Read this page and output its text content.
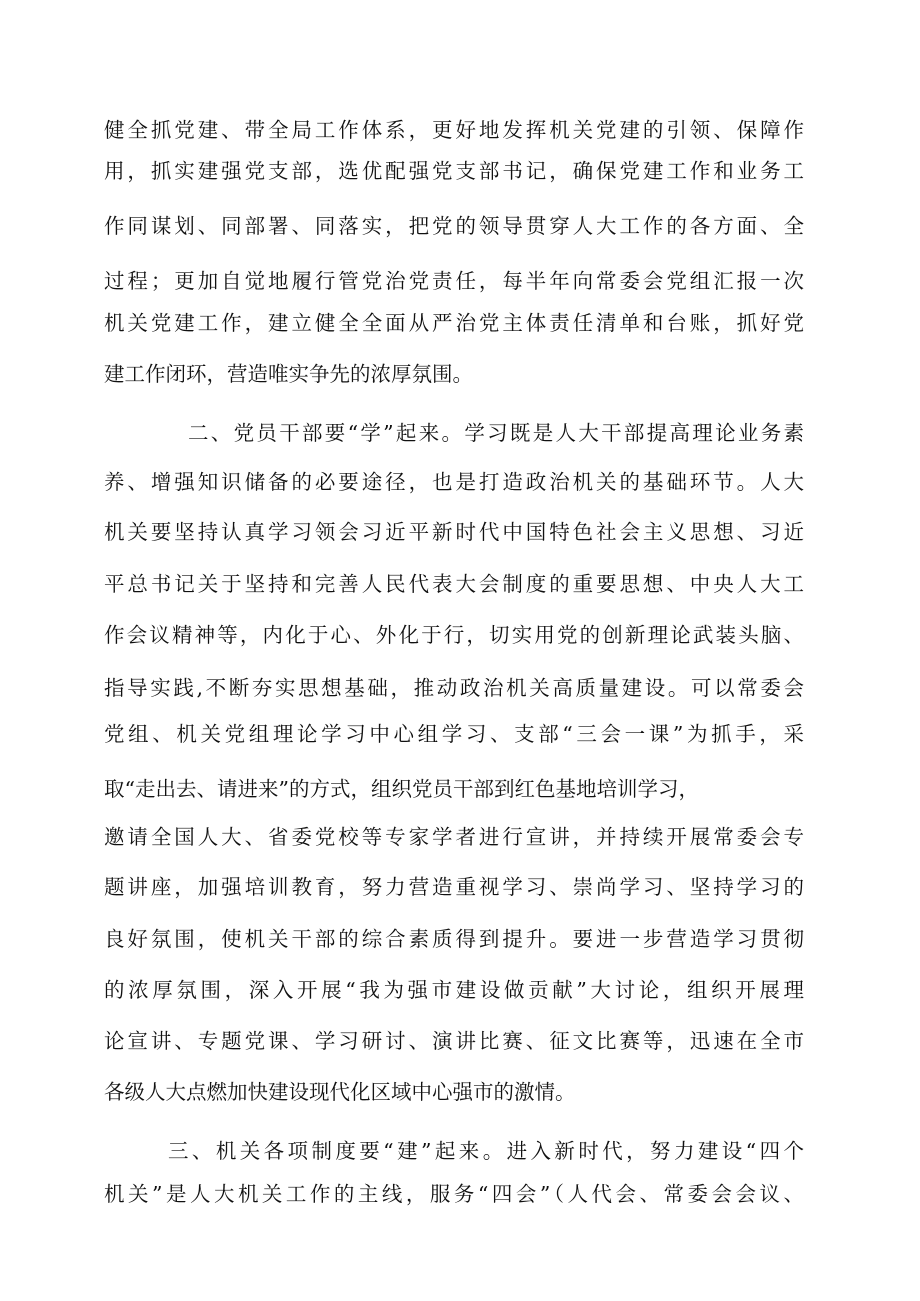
健全抓党建、带全局工作体系，更好地发挥机关党建的引领、保障作
用，抓实建强党支部，选优配强党支部书记，确保党建工作和业务工
作同谋划、同部署、同落实，把党的领导贯穿人大工作的各方面、全
过程；更加自觉地履行管党治党责任，每半年向常委会党组汇报一次
机关党建工作，建立健全全面从严治党主体责任清单和台账，抓好党
建工作闭环，营造唯实争先的浓厚氛围。
二、党员干部要“学”起来。学习既是人大干部提高理论业务素
养、增强知识储备的必要途径，也是打造政治机关的基础环节。人大
机关要坚持认真学习领会习近平新时代中国特色社会主义思想、习近
平总书记关于坚持和完善人民代表大会制度的重要思想、中央人大工
作会议精神等，内化于心、外化于行，切实用党的创新理论武装头脑、
指导实践,不断夯实思想基础，推动政治机关高质量建设。可以常委会
党组、机关党组理论学习中心组学习、支部“三会一课”为抓手，采
取“走出去、请进来”的方式，组织党员干部到红色基地培训学习，
邀请全国人大、省委党校等专家学者进行宣讲，并持续开展常委会专
题讲座，加强培训教育，努力营造重视学习、崇尚学习、坚持学习的
良好氛围，使机关干部的综合素质得到提升。要进一步营造学习贯彻
的浓厚氛围，深入开展“我为强市建设做贡献”大讨论，组织开展理
论宣讲、专题党课、学习研讨、演讲比赛、征文比赛等，迅速在全市
各级人大点燃加快建设现代化区域中心强市的激情。
三、机关各项制度要“建”起来。进入新时代，努力建设“四个
机关”是人大机关工作的主线，服务“四会”（人代会、常委会会议、
